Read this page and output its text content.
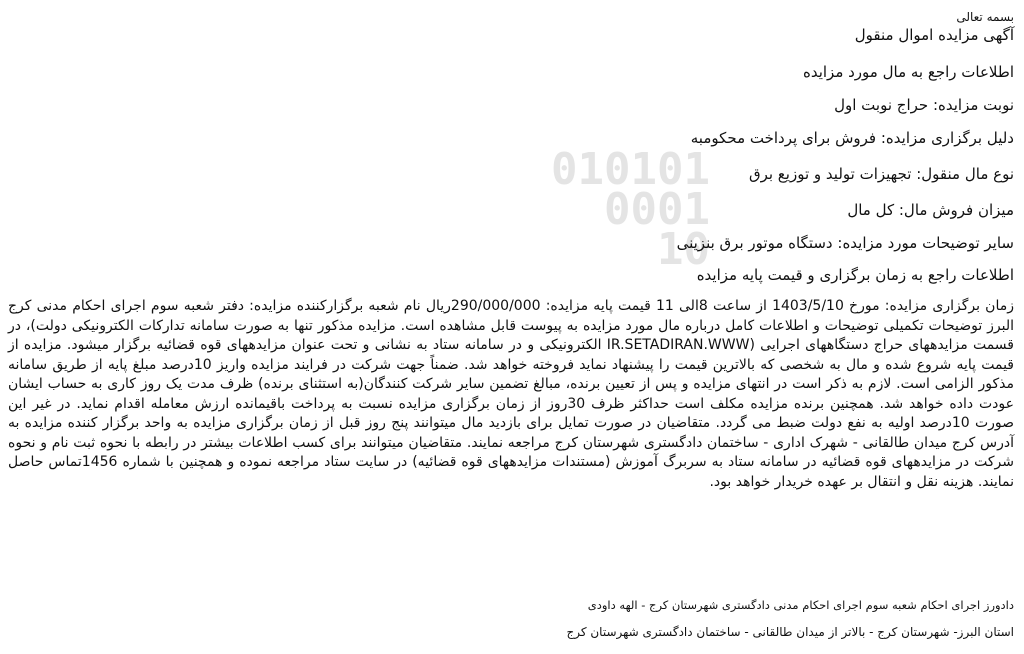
010101
0001
10
بسمه تعالی
آگهی مزایده اموال منقول
اطلاعات راجع به مال مورد مزایده
نوبت مزایده:حراج نوبت اول
دلیل برگزاری مزایده:فروش برای پرداخت محکومبه
نوع مال منقول:تجهیزات تولید و توزیع برق
میزان فروش مال:کل مال
سایر توضیحات مورد مزایده:دستگاه موتور برق بنزینی
اطلاعات راجع به زمان برگزاری و قیمت پایه مزایده
زمان برگزاری مزایده: مورخ 1403/5/10 از ساعت 8الی 11 قیمت پایه مزایده: 290/000/000ریال نام شعبه برگزارکننده مزایده: دفتر شعبه سوم اجرای احکام مدنی کرج البرز توضیحات تکمیلی توضیحات و اطلاعات کامل درباره مال مورد مزایده به پیوست قابل مشاهده است. مزایده مذکور تنها به صورت سامانه تدارکات الکترونیکی دولت)، در قسمت مزایدههای حراج دستگاههای اجرایی (IR.SETADIRAN.WWW الکترونیکی و در سامانه ستاد به نشانی و تحت عنوان مزایدههای قوه قضائیه برگزار میشود. مزایده از قیمت پایه شروع شده و مال به شخصی که بالاترین قیمت را پیشنهاد نماید فروخته خواهد شد. ضمناً جهت شرکت در فرایند مزایده واریز 10درصد مبلغ پایه از طریق سامانه مذکور الزامی است. لازم به ذکر است در انتهای مزایده و پس از تعیین برنده، مبالغ تضمین سایر شرکت کنندگان(به استثنای برنده) ظرف مدت یک روز کاری به حساب ایشان عودت داده خواهد شد. همچنین برنده مزایده مکلف است حداکثر ظرف 30روز از زمان برگزاری مزایده نسبت به پرداخت باقیمانده ارزش معامله اقدام نماید. در غیر این صورت 10درصد اولیه به نفع دولت ضبط می گردد. متقاضیان در صورت تمایل برای بازدید مال میتوانند پنج روز قبل از زمان برگزاری مزایده به واحد برگزار کننده مزایده به آدرس کرج میدان طالقانی - شهرک اداری - ساختمان دادگستری شهرستان کرج مراجعه نمایند. متقاضیان میتوانند برای کسب اطلاعات بیشتر در رابطه با نحوه ثبت نام و نحوه شرکت در مزایدههای قوه قضائیه در سامانه ستاد به سربرگ آموزش (مستندات مزایدههای قوه قضائیه) در سایت ستاد مراجعه نموده و همچنین با شماره 1456تماس حاصل نمایند. هزینه نقل و انتقال بر عهده خریدار خواهد بود.
دادورز اجرای احکام شعبه سوم اجرای احکام مدنی دادگستری شهرستان کرج - الهه داودی
استان البرز- شهرستان کرج - بالاتر از میدان طالقانی - ساختمان دادگستری شهرستان کرج
